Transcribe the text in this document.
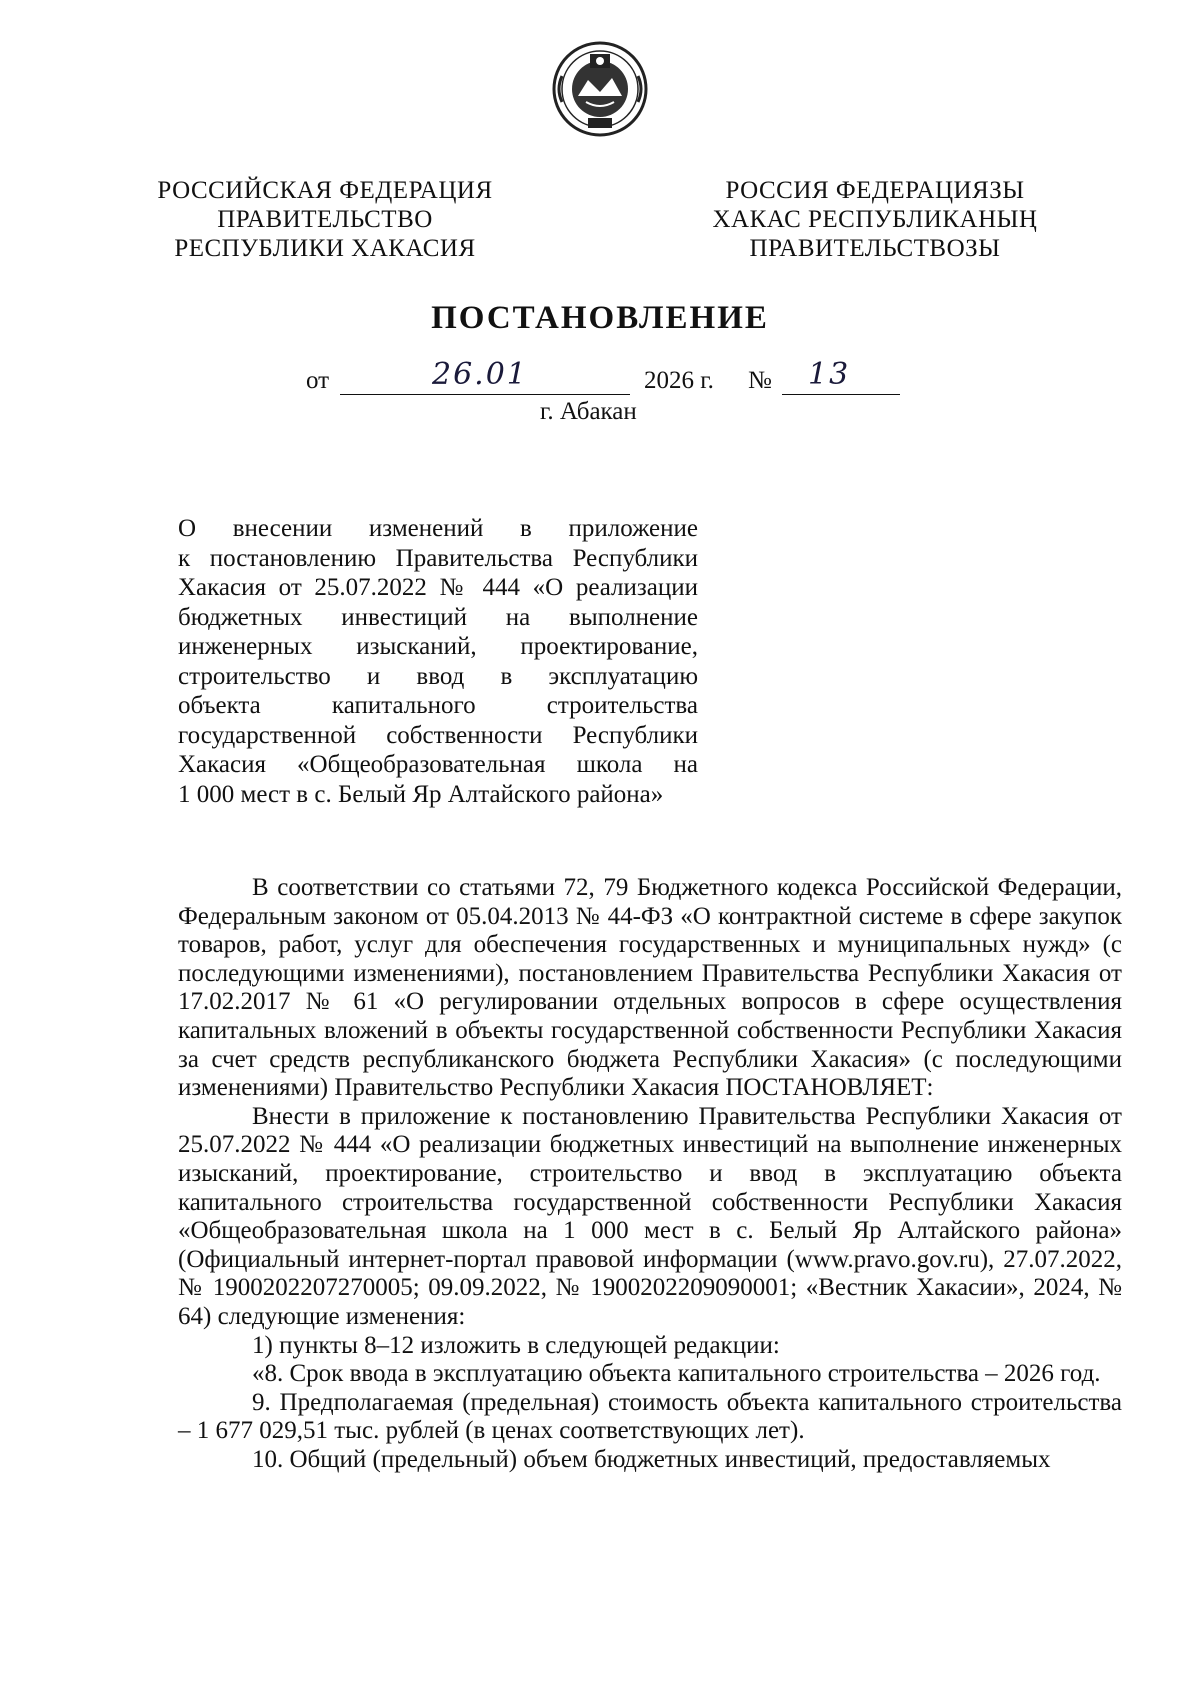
РОССИЙСКАЯ ФЕДЕРАЦИЯ
ПРАВИТЕЛЬСТВО
РЕСПУБЛИКИ ХАКАСИЯ
РОССИЯ ФЕДЕРАЦИЯЗЫ
ХАКАС РЕСПУБЛИКАНЫҢ
ПРАВИТЕЛЬСТВОЗЫ
ПОСТАНОВЛЕНИЕ
от	26.01	2026 г. № 13
г. Абакан
О внесении изменений в приложение
к постановлению Правительства Республики
Хакасия от 25.07.2022 № 444 «О реализации
бюджетных инвестиций на выполнение
инженерных изысканий, проектирование,
строительство и ввод в эксплуатацию
объекта капитального строительства
государственной собственности Республики
Хакасия «Общеобразовательная школа на
1 000 мест в с. Белый Яр Алтайского района»

В соответствии со статьями 72, 79 Бюджетного кодекса Российской Федерации, Федеральным законом от 05.04.2013 № 44-ФЗ «О контрактной системе в сфере закупок товаров, работ, услуг для обеспечения государственных и муниципальных нужд» (с последующими изменениями), постановлением Правительства Республики Хакасия от 17.02.2017 № 61 «О регулировании отдельных вопросов в сфере осуществления капитальных вложений в объекты государственной собственности Республики Хакасия за счет средств республиканского бюджета Республики Хакасия» (с последующими изменениями) Правительство Республики Хакасия ПОСТАНОВЛЯЕТ:

Внести в приложение к постановлению Правительства Республики Хакасия от 25.07.2022 № 444 «О реализации бюджетных инвестиций на выполнение инженерных изысканий, проектирование, строительство и ввод в эксплуатацию объекта капитального строительства государственной собственности Республики Хакасия «Общеобразовательная школа на 1 000 мест в с. Белый Яр Алтайского района» (Официальный интернет-портал правовой информации (www.pravo.gov.ru), 27.07.2022, № 1900202207270005; 09.09.2022, № 1900202209090001; «Вестник Хакасии», 2024, № 64) следующие изменения:

1) пункты 8–12 изложить в следующей редакции:

«8. Срок ввода в эксплуатацию объекта капитального строительства – 2026 год.

9. Предполагаемая (предельная) стоимость объекта капитального строительства – 1 677 029,51 тыс. рублей (в ценах соответствующих лет).

10. Общий (предельный) объем бюджетных инвестиций, предоставляемых
